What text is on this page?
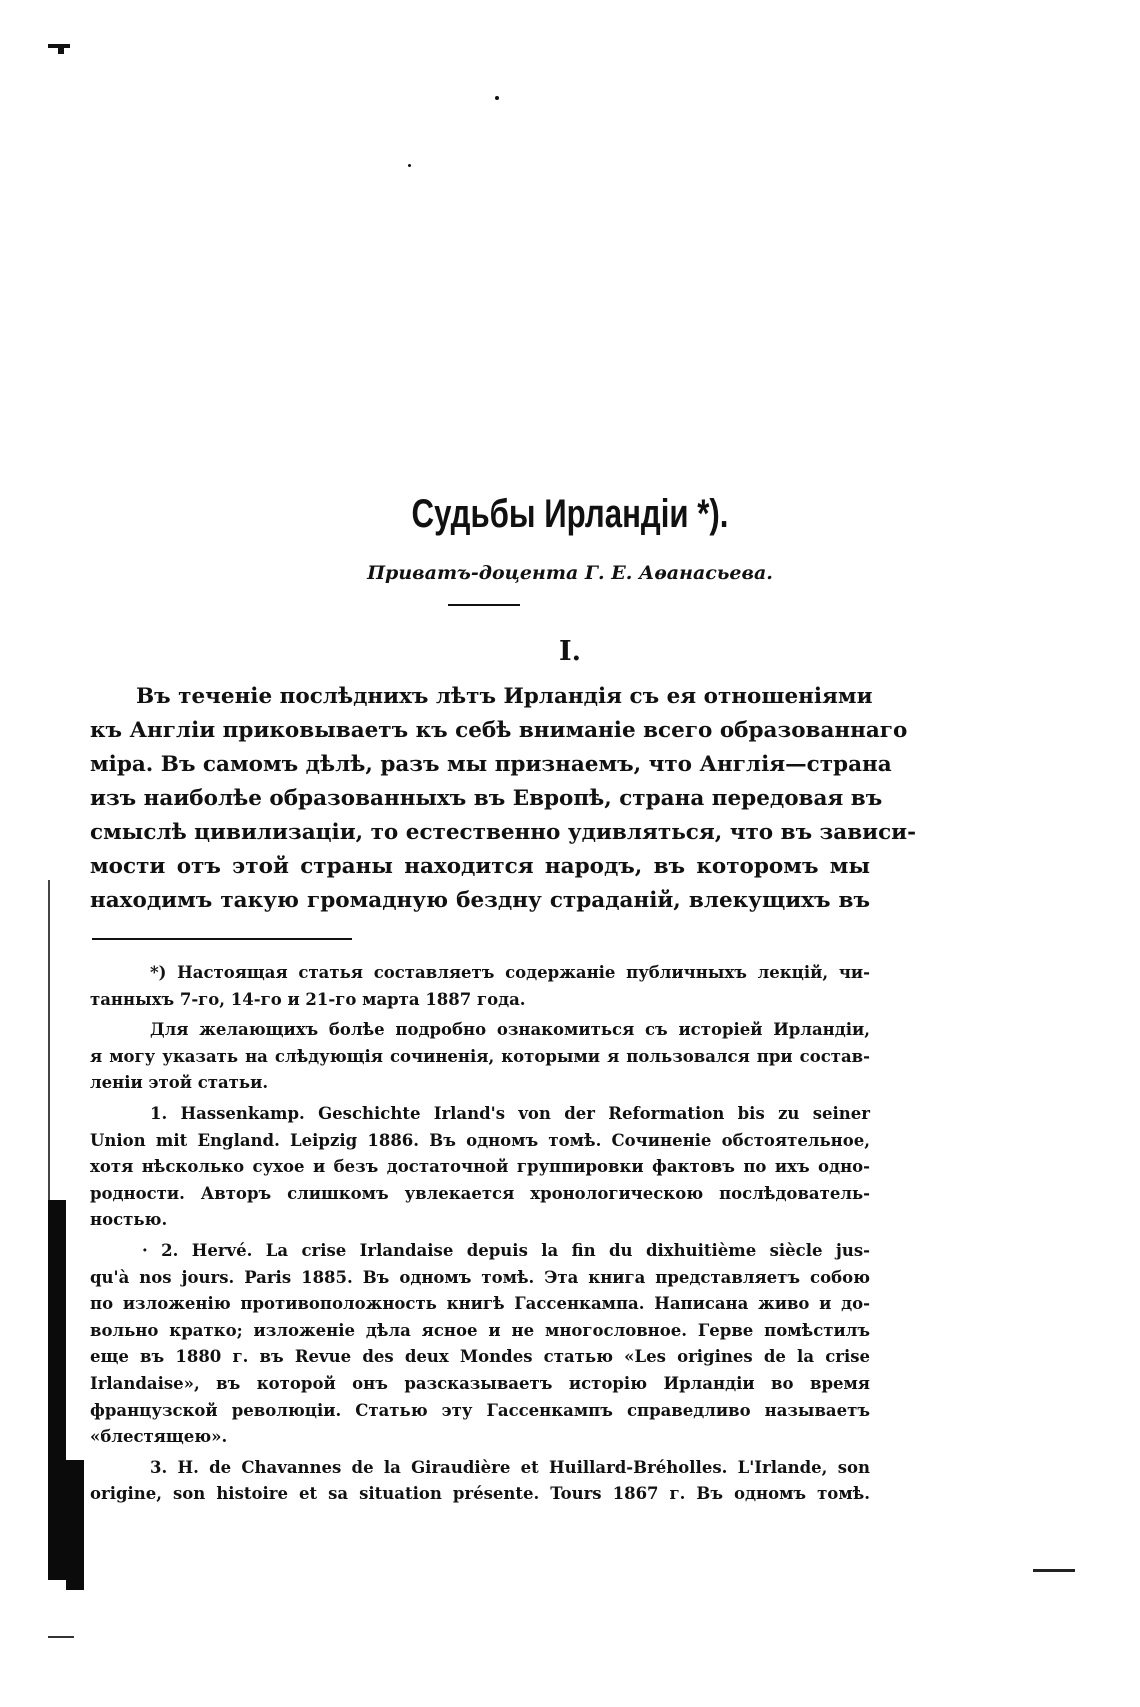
Судьбы Ирландіи *).
Приватъ-доцента Г. Е. Аѳанасьева.
I.
Въ теченіе послѣднихъ лѣтъ Ирландія съ ея отношеніями
къ Англіи приковываетъ къ себѣ вниманіе всего образованнаго
міра. Въ самомъ дѣлѣ, разъ мы признаемъ, что Англія—страна
изъ наиболѣе образованныхъ въ Европѣ, страна передовая въ
смыслѣ цивилизаціи, то естественно удивляться, что въ зависи-
мости отъ этой страны находится народъ, въ которомъ мы
находимъ такую громадную бездну страданій, влекущихъ въ
*) Настоящая статья составляетъ содержаніе публичныхъ лекцій, чи-
танныхъ 7-го, 14-го и 21-го марта 1887 года.
Для желающихъ болѣе подробно ознакомиться съ исторіей Ирландіи,
я могу указать на слѣдующія сочиненія, которыми я пользовался при состав-
леніи этой статьи.
1. Hassenkamp. Geschichte Irland's von der Reformation bis zu seiner
Union mit England. Leipzig 1886. Въ одномъ томѣ. Сочиненіе обстоятельное,
хотя нѣсколько сухое и безъ достаточной группировки фактовъ по ихъ одно-
родности. Авторъ слишкомъ увлекается хронологическою послѣдователь-
ностью.
· 2. Hervé. La crise Irlandaise depuis la fin du dixhuitième siècle jus-
qu'à nos jours. Paris 1885. Въ одномъ томѣ. Эта книга представляетъ собою
по изложенію противоположность книгѣ Гассенкампа. Написана живо и до-
вольно кратко; изложеніе дѣла ясное и не многословное. Герве помѣстилъ
еще въ 1880 г. въ Revue des deux Mondes статью «Les origines de la crise
Irlandaise», въ которой онъ разсказываетъ исторію Ирландіи во время
французской революціи. Статью эту Гассенкампъ справедливо называетъ
«блестящею».
3. H. de Chavannes de la Giraudière et Huillard-Bréholles. L'Irlande, son
origine, son histoire et sa situation présente. Tours 1867 г. Въ одномъ томѣ.
